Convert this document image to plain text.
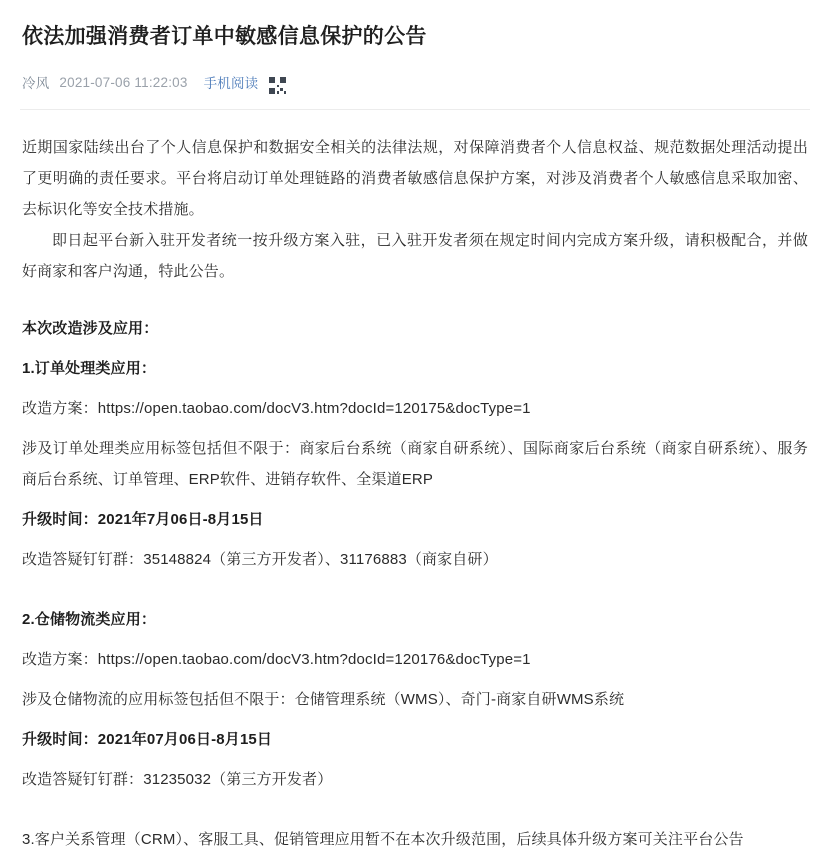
依法加强消费者订单中敏感信息保护的公告
冷风 2021-07-06 11:22:03 手机阅读

近期国家陆续出台了个人信息保护和数据安全相关的法律法规，对保障消费者个人信息权益、规范数据处理活动提出了更明确的责任要求。平台将启动订单处理链路的消费者敏感信息保护方案，对涉及消费者个人敏感信息采取加密、去标识化等安全技术措施。

即日起平台新入驻开发者统一按升级方案入驻，已入驻开发者须在规定时间内完成方案升级，请积极配合，并做好商家和客户沟通，特此公告。

本次改造涉及应用：

1.订单处理类应用：

改造方案：https://open.taobao.com/docV3.htm?docId=120175&docType=1

涉及订单处理类应用标签包括但不限于：商家后台系统（商家自研系统）、国际商家后台系统（商家自研系统）、服务商后台系统、订单管理、ERP软件、进销存软件、全渠道ERP

升级时间：2021年7月06日-8月15日

改造答疑钉钉群：35148824（第三方开发者）、31176883（商家自研）

2.仓储物流类应用：

改造方案：https://open.taobao.com/docV3.htm?docId=120176&docType=1

涉及仓储物流的应用标签包括但不限于：仓储管理系统（WMS）、奇门-商家自研WMS系统

升级时间：2021年07月06日-8月15日

改造答疑钉钉群：31235032（第三方开发者）

3.客户关系管理（CRM）、客服工具、促销管理应用暂不在本次升级范围，后续具体升级方案可关注平台公告
